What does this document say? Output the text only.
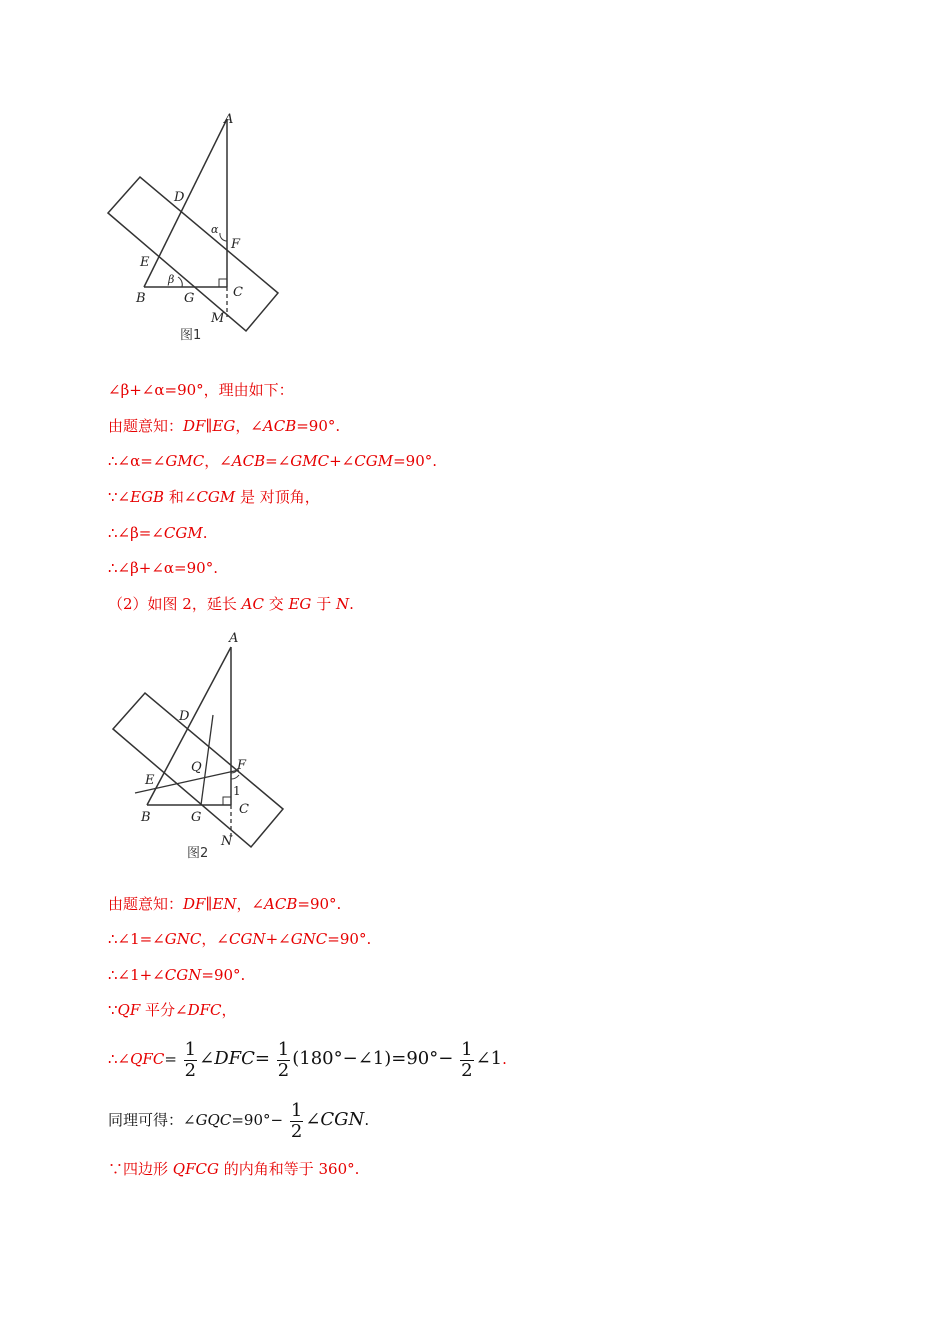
A
D
α
F
E
β
B	G	C
M
图1
∠β+∠α=90°，理由如下：
由题意知：DF∥EG，∠ACB=90°.
∴∠α=∠GMC，∠ACB=∠GMC+∠CGM=90°.
∵∠EGB 和∠CGM 是 对顶角，
∴∠β=∠CGM.
∴∠β+∠α=90°.
（2）如图 2，延长 AC 交 EG 于 N.
A
D
Q	F
E
1
C
B	G
N
图2
由题意知：DF∥EN，∠ACB=90°.
∴∠1=∠GNC，∠CGN+∠GNC=90°.
∴∠1+∠CGN=90°.
∵QF 平分∠DFC，
∴∠QFC= $\frac{1}{2}$ ∠DFC= $\frac{1}{2}$ (180°−∠1)=90°− $\frac{1}{2}$ ∠1.
同理可得：∠GQC=90°− $\frac{1}{2}$ ∠CGN.
∵四边形 QFCG 的内角和等于 360°.
